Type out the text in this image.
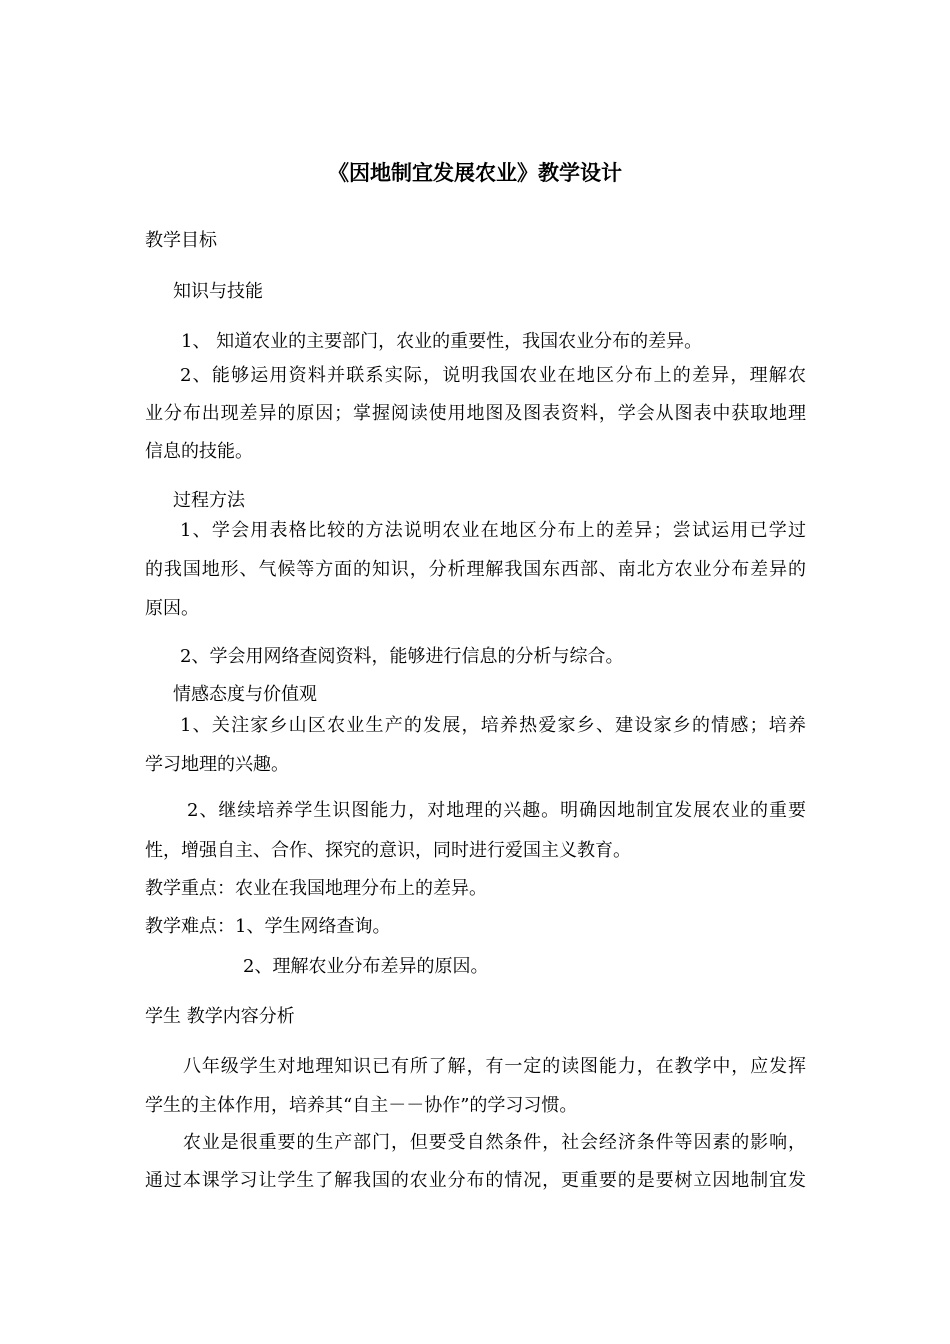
《因地制宜发展农业》教学设计
教学目标
知识与技能
1、 知道农业的主要部门，农业的重要性，我国农业分布的差异。
2、能够运用资料并联系实际，说明我国农业在地区分布上的差异，理解农
业分布出现差异的原因；掌握阅读使用地图及图表资料，学会从图表中获取地理
信息的技能。
过程方法
1、学会用表格比较的方法说明农业在地区分布上的差异；尝试运用已学过
的我国地形、气候等方面的知识，分析理解我国东西部、南北方农业分布差异的
原因。
2、学会用网络查阅资料，能够进行信息的分析与综合。
情感态度与价值观
1、关注家乡山区农业生产的发展，培养热爱家乡、建设家乡的情感；培养
学习地理的兴趣。
2、继续培养学生识图能力，对地理的兴趣。明确因地制宜发展农业的重要
性，增强自主、合作、探究的意识，同时进行爱国主义教育。
教学重点：农业在我国地理分布上的差异。
教学难点：1、学生网络查询。
2、理解农业分布差异的原因。
学生 教学内容分析
八年级学生对地理知识已有所了解，有一定的读图能力，在教学中，应发挥
学生的主体作用，培养其“自主－－协作”的学习习惯。
农业是很重要的生产部门，但要受自然条件，社会经济条件等因素的影响，
通过本课学习让学生了解我国的农业分布的情况，更重要的是要树立因地制宜发
